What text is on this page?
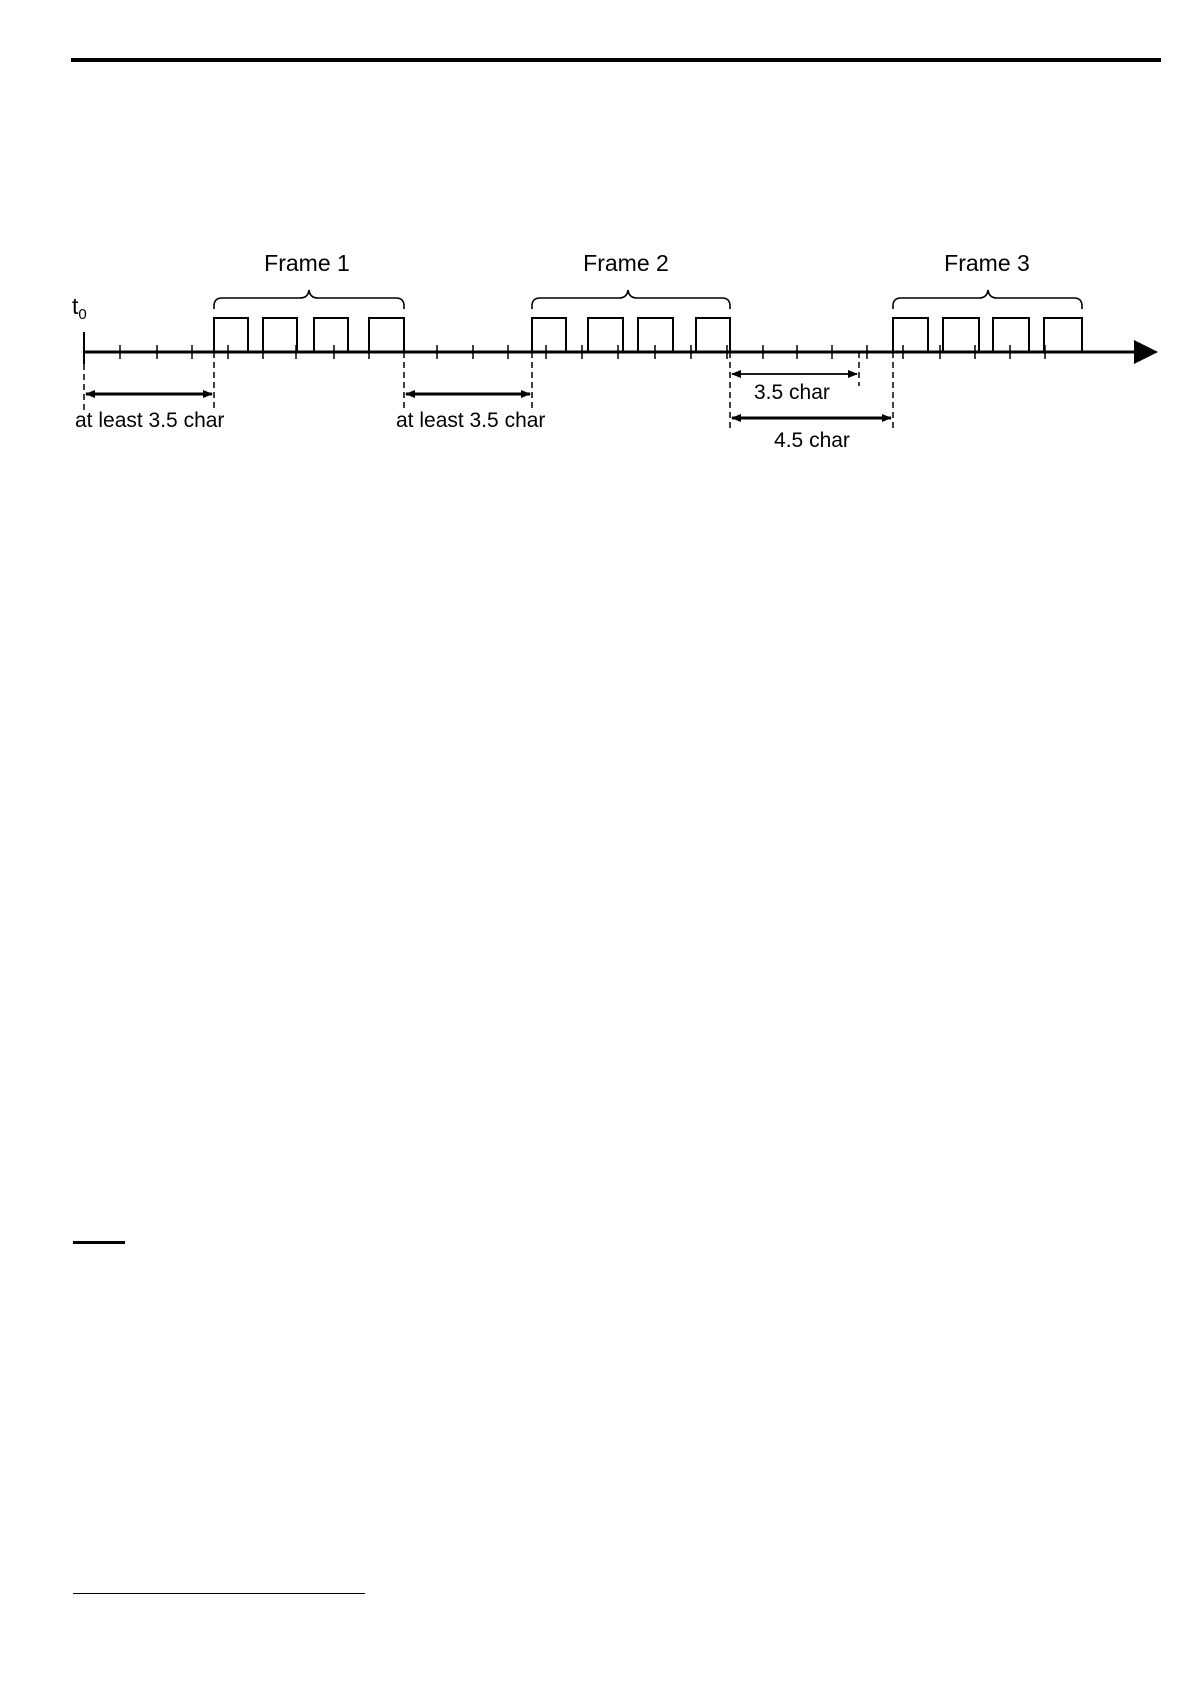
$t_0$
Frame 1	Frame 2	Frame 3
at least 3.5 char	at least 3.5 char
3.5 char
4.5 char
